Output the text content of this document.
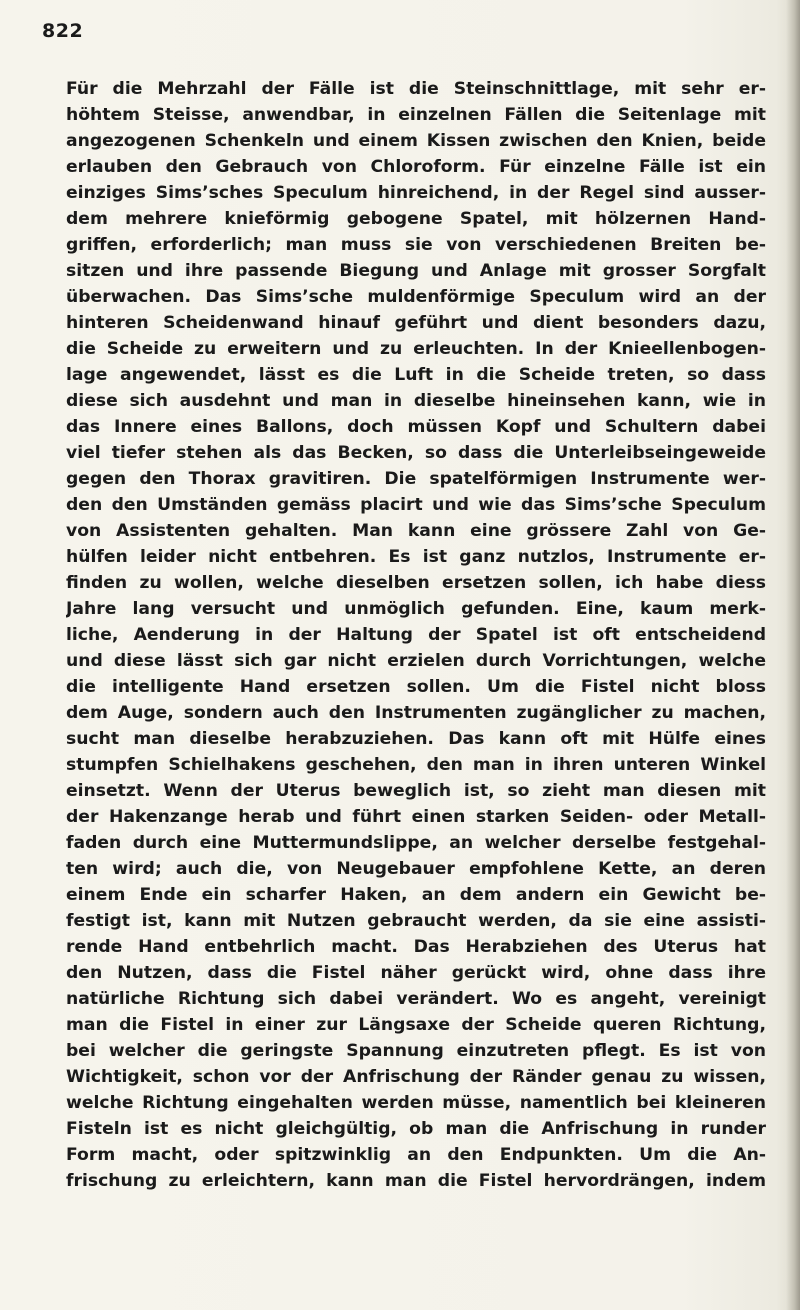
822
Für die Mehrzahl der Fälle ist die Steinschnittlage, mit sehr er-
höhtem Steisse, anwendbar, in einzelnen Fällen die Seitenlage mit
angezogenen Schenkeln und einem Kissen zwischen den Knien, beide
erlauben den Gebrauch von Chloroform. Für einzelne Fälle ist ein
einziges Sims’sches Speculum hinreichend, in der Regel sind ausser-
dem mehrere knieförmig gebogene Spatel, mit hölzernen Hand-
griffen, erforderlich; man muss sie von verschiedenen Breiten be-
sitzen und ihre passende Biegung und Anlage mit grosser Sorgfalt
überwachen. Das Sims’sche muldenförmige Speculum wird an der
hinteren Scheidenwand hinauf geführt und dient besonders dazu,
die Scheide zu erweitern und zu erleuchten. In der Knieellenbogen-
lage angewendet, lässt es die Luft in die Scheide treten, so dass
diese sich ausdehnt und man in dieselbe hineinsehen kann, wie in
das Innere eines Ballons, doch müssen Kopf und Schultern dabei
viel tiefer stehen als das Becken, so dass die Unterleibseingeweide
gegen den Thorax gravitiren. Die spatelförmigen Instrumente wer-
den den Umständen gemäss placirt und wie das Sims’sche Speculum
von Assistenten gehalten. Man kann eine grössere Zahl von Ge-
hülfen leider nicht entbehren. Es ist ganz nutzlos, Instrumente er-
finden zu wollen, welche dieselben ersetzen sollen, ich habe diess
Jahre lang versucht und unmöglich gefunden. Eine, kaum merk-
liche, Aenderung in der Haltung der Spatel ist oft entscheidend
und diese lässt sich gar nicht erzielen durch Vorrichtungen, welche
die intelligente Hand ersetzen sollen. Um die Fistel nicht bloss
dem Auge, sondern auch den Instrumenten zugänglicher zu machen,
sucht man dieselbe herabzuziehen. Das kann oft mit Hülfe eines
stumpfen Schielhakens geschehen, den man in ihren unteren Winkel
einsetzt. Wenn der Uterus beweglich ist, so zieht man diesen mit
der Hakenzange herab und führt einen starken Seiden- oder Metall-
faden durch eine Muttermundslippe, an welcher derselbe festgehal-
ten wird; auch die, von Neugebauer empfohlene Kette, an deren
einem Ende ein scharfer Haken, an dem andern ein Gewicht be-
festigt ist, kann mit Nutzen gebraucht werden, da sie eine assisti-
rende Hand entbehrlich macht. Das Herabziehen des Uterus hat
den Nutzen, dass die Fistel näher gerückt wird, ohne dass ihre
natürliche Richtung sich dabei verändert. Wo es angeht, vereinigt
man die Fistel in einer zur Längsaxe der Scheide queren Richtung,
bei welcher die geringste Spannung einzutreten pflegt. Es ist von
Wichtigkeit, schon vor der Anfrischung der Ränder genau zu wissen,
welche Richtung eingehalten werden müsse, namentlich bei kleineren
Fisteln ist es nicht gleichgültig, ob man die Anfrischung in runder
Form macht, oder spitzwinklig an den Endpunkten. Um die An-
frischung zu erleichtern, kann man die Fistel hervordrängen, indem
